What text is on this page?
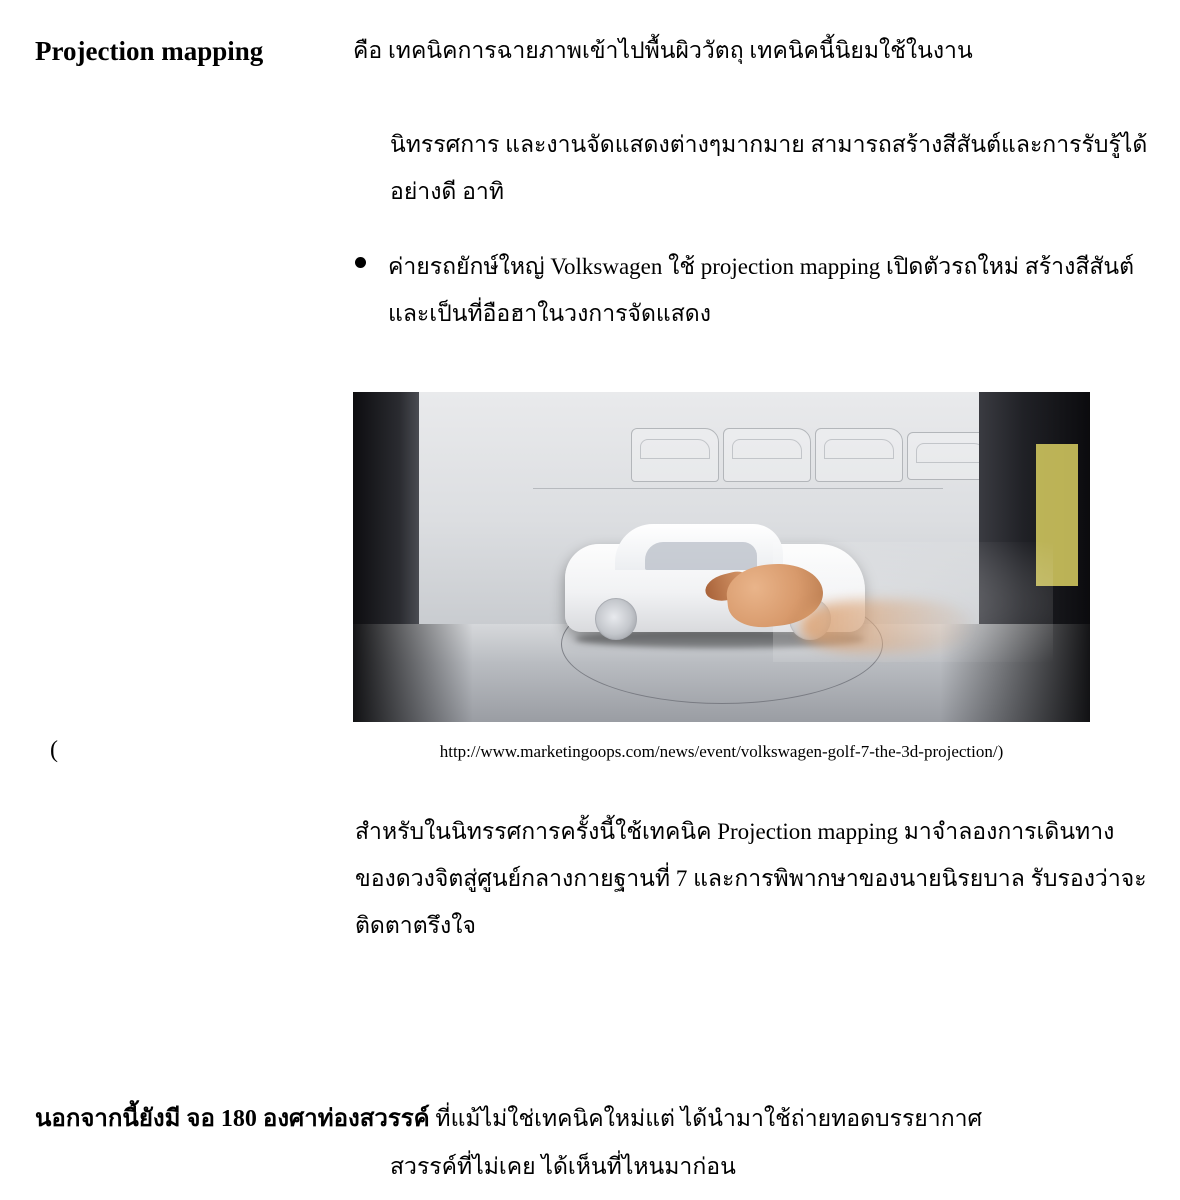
Projection mapping	คือ เทคนิคการฉายภาพเข้าไปพื้นผิววัตถุ เทคนิคนี้นิยมใช้ในงาน
นิทรรศการ และงานจัดแสดงต่างๆมากมาย สามารถสร้างสีสันต์และการรับรู้ได้อย่างดี อาทิ
ค่ายรถยักษ์ใหญ่ Volkswagen ใช้ projection mapping เปิดตัวรถใหม่ สร้างสีสันต์ และเป็นที่อือฮาในวงการจัดแสดง
(	http://www.marketingoops.com/news/event/volkswagen-golf-7-the-3d-projection/)
สำหรับในนิทรรศการครั้งนี้ใช้เทคนิค Projection mapping มาจำลองการเดินทางของดวงจิตสู่ศูนย์กลางกายฐานที่ 7 และการพิพากษาของนายนิรยบาล รับรองว่าจะติดตาตรึงใจ
นอกจากนี้ยังมี จอ 180 องศาท่องสวรรค์ ที่แม้ไม่ใช่เทคนิคใหม่แต่ ได้นำมาใช้ถ่ายทอดบรรยากาศ
สวรรค์ที่ไม่เคย ได้เห็นที่ไหนมาก่อน
